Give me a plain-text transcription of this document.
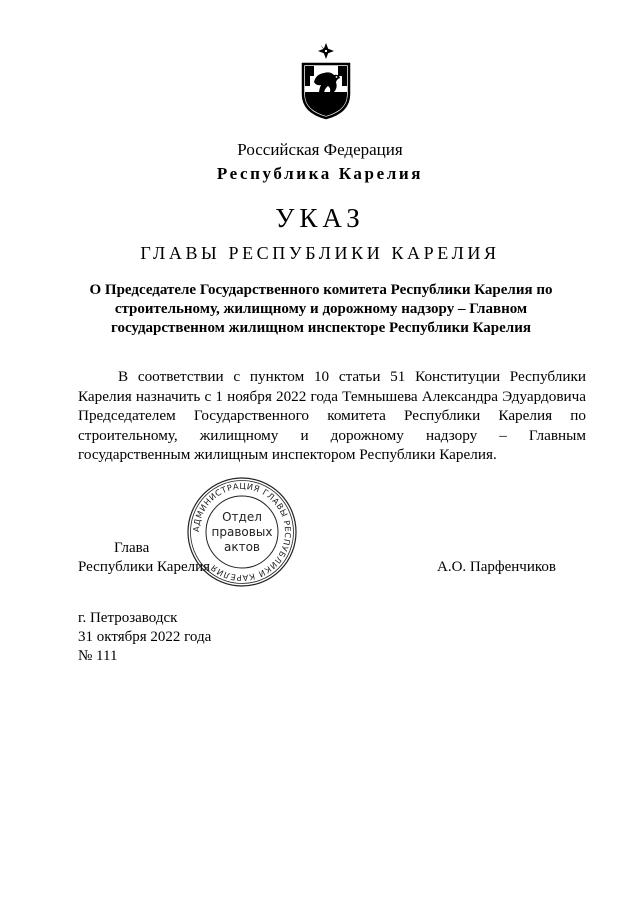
Российская Федерация
Республика Карелия
УКАЗ
ГЛАВЫ РЕСПУБЛИКИ КАРЕЛИЯ
О Председателе Государственного комитета Республики Карелия по строительному, жилищному и дорожному надзору – Главном государственном жилищном инспекторе Республики Карелия
В соответствии с пунктом 10 статьи 51 Конституции Республики Карелия назначить с 1 ноября 2022 года Темнышева Александра Эдуардовича Председателем Государственного комитета Республики Карелия по строительному, жилищному и дорожному надзору – Главным государственным жилищным инспектором Республики Карелия.
Глава
Республики Карелия	А.О. Парфенчиков
АДМИНИСТРАЦИЯ ГЛАВЫ РЕСПУБЛИКИ КАРЕЛИЯ
Отдел
правовых
актов
г. Петрозаводск
31 октября 2022 года
№ 111
